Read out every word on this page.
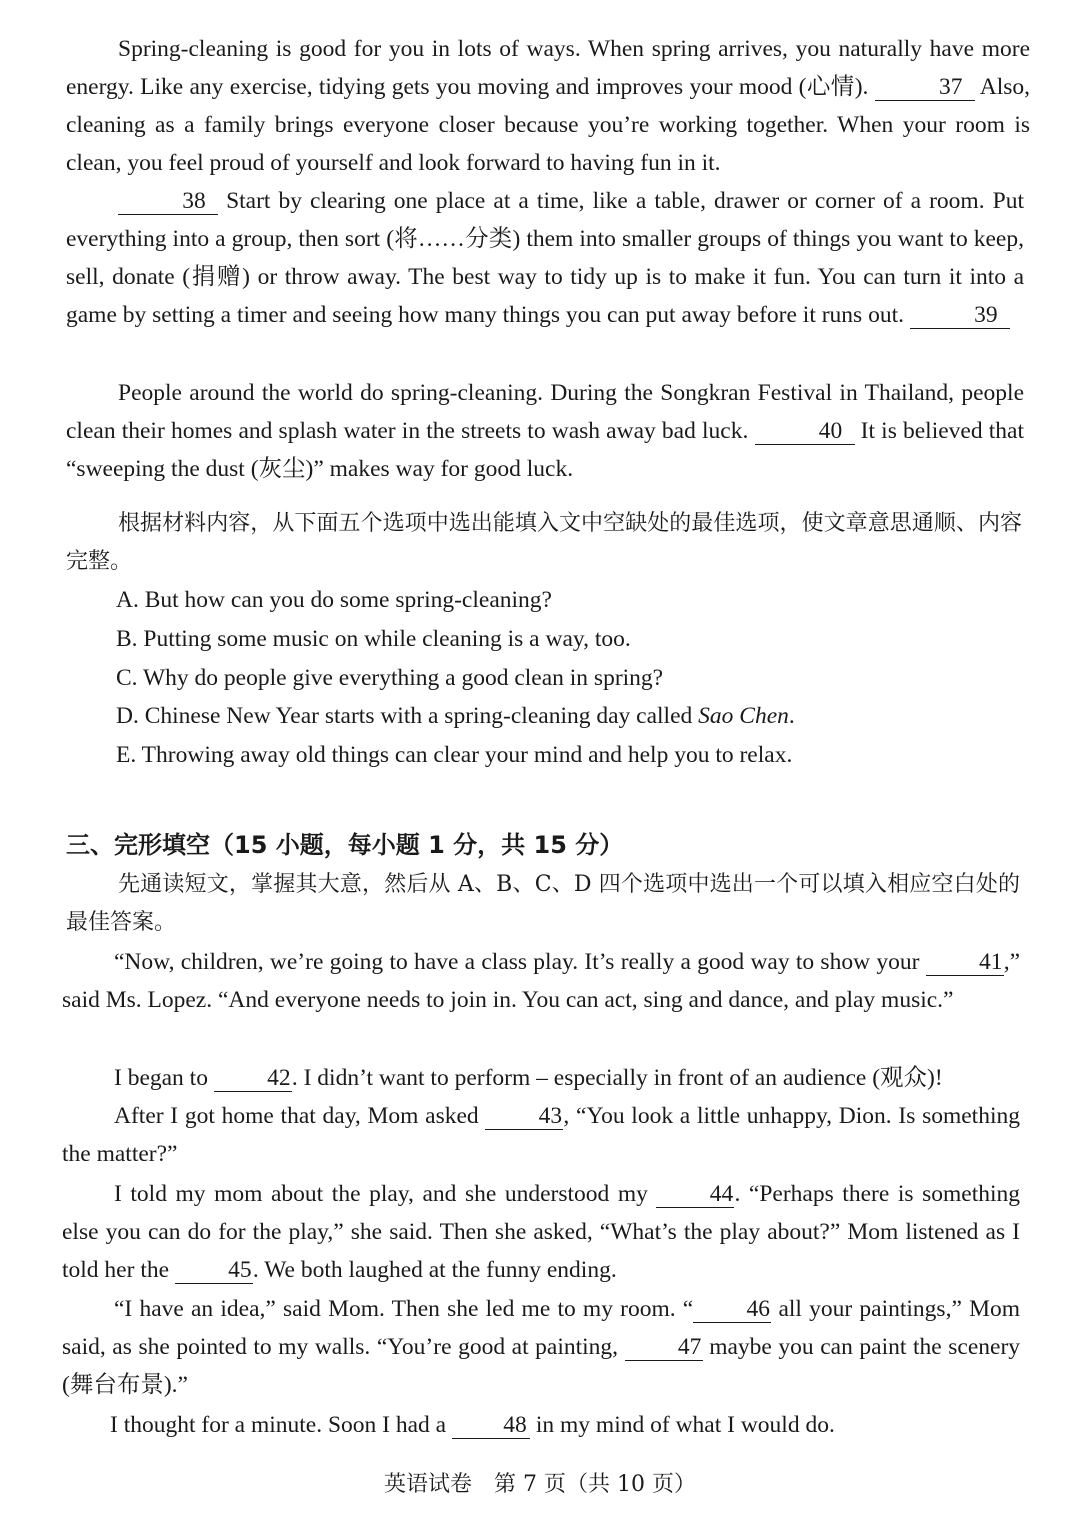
Spring-cleaning is good for you in lots of ways. When spring arrives, you naturally have more energy. Like any exercise, tidying gets you moving and improves your mood (心情).	37 Also, cleaning as a family brings everyone closer because you’re working together. When your room is clean, you feel proud of yourself and look forward to having fun in it.
38 Start by clearing one place at a time, like a table, drawer or corner of a room. Put everything into a group, then sort (将……分类) them into smaller groups of things you want to keep, sell, donate (捐赠) or throw away. The best way to tidy up is to make it fun. You can turn it into a game by setting a timer and seeing how many things you can put away before it runs out.	39
People around the world do spring-cleaning. During the Songkran Festival in Thailand, people clean their homes and splash water in the streets to wash away bad luck.	40 It is believed that “sweeping the dust (灰尘)” makes way for good luck.
根据材料内容，从下面五个选项中选出能填入文中空缺处的最佳选项，使文章意思通顺、内容完整。
A. But how can you do some spring-cleaning?
B. Putting some music on while cleaning is a way, too.
C. Why do people give everything a good clean in spring?
D. Chinese New Year starts with a spring-cleaning day called Sao Chen.
E. Throwing away old things can clear your mind and help you to relax.
三、完形填空（15 小题，每小题 1 分，共 15 分）
先通读短文，掌握其大意，然后从 A、B、C、D 四个选项中选出一个可以填入相应空白处的最佳答案。
“Now, children, we’re going to have a class play. It’s really a good way to show your	41,” said Ms. Lopez. “And everyone needs to join in. You can act, sing and dance, and play music.”
I began to	42. I didn’t want to perform – especially in front of an audience (观众)!
After I got home that day, Mom asked	43, “You look a little unhappy, Dion. Is something the matter?”
I told my mom about the play, and she understood my	44. “Perhaps there is something else you can do for the play,” she said. Then she asked, “What’s the play about?” Mom listened as I told her the	45. We both laughed at the funny ending.
“I have an idea,” said Mom. Then she led me to my room. “ 46 all your paintings,” Mom said, as she pointed to my walls. “You’re good at painting,	47 maybe you can paint the scenery (舞台布景).”
I thought for a minute. Soon I had a 48 in my mind of what I would do.
英语试卷　第 7 页（共 10 页）
